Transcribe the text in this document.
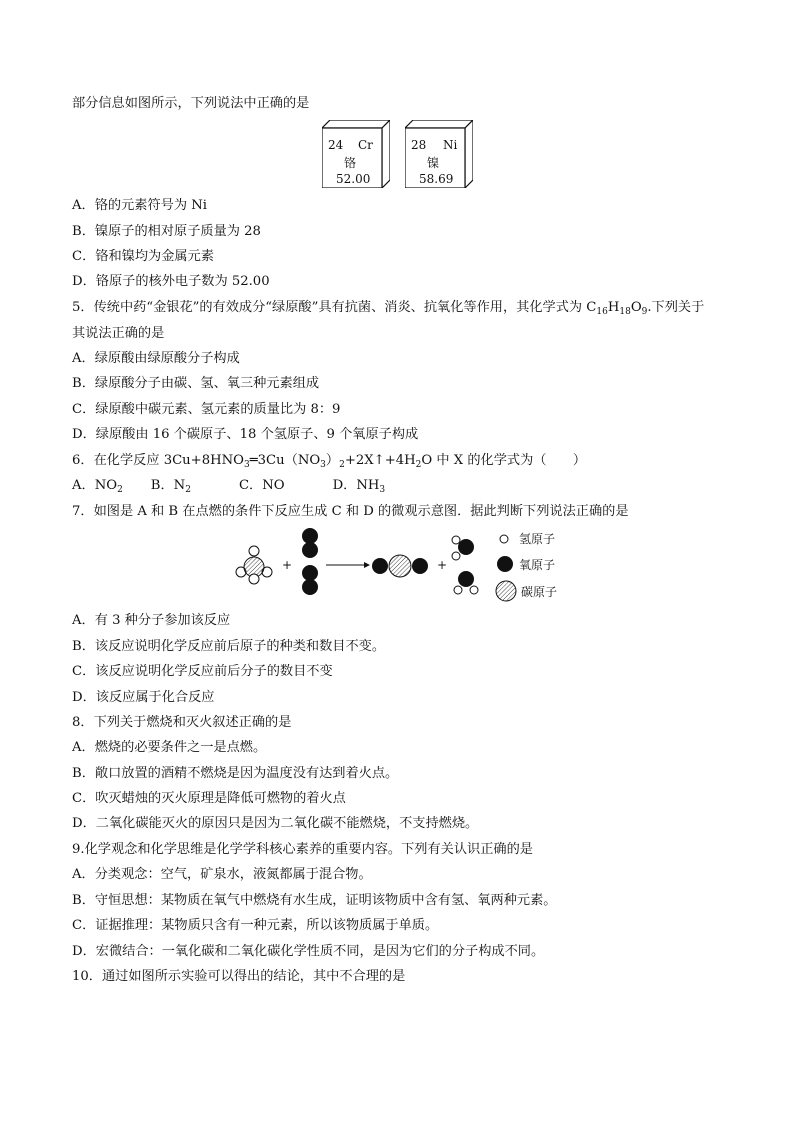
部分信息如图所示，下列说法中正确的是
24 Cr
铬
52.00
28 Ni
镍
58.69
A．铬的元素符号为 Ni
B．镍原子的相对原子质量为 28
C．铬和镍均为金属元素
D．铬原子的核外电子数为 52.00
5．传统中药“金银花”的有效成分“绿原酸”具有抗菌、消炎、抗氧化等作用，其化学式为 $C_{16}H_{18}O_9$.下列关于
其说法正确的是
A．绿原酸由绿原酸分子构成
B．绿原酸分子由碳、氢、氧三种元素组成
C．绿原酸中碳元素、氢元素的质量比为 8：9
D．绿原酸由 16 个碳原子、18 个氢原子、9 个氧原子构成
6．在化学反应 $3Cu+8HNO_3═3Cu(NO_3)_2+2X↑+4H_2O$ 中 X 的化学式为（　　）
A．$NO_2$ B．$N_2$	C．NO	D．$NH_3$
7．如图是 A 和 B 在点燃的条件下反应生成 C 和 D 的微观示意图．据此判断下列说法正确的是
+	+
氢原子
氧原子
碳原子
A．有 3 种分子参加该反应
B．该反应说明化学反应前后原子的种类和数目不变。
C．该反应说明化学反应前后分子的数目不变
D．该反应属于化合反应
8．下列关于燃烧和灭火叙述正确的是
A．燃烧的必要条件之一是点燃。
B．敞口放置的酒精不燃烧是因为温度没有达到着火点。
C．吹灭蜡烛的灭火原理是降低可燃物的着火点
D．二氧化碳能灭火的原因只是因为二氧化碳不能燃烧，不支持燃烧。
9.化学观念和化学思维是化学学科核心素养的重要内容。下列有关认识正确的是
A．分类观念：空气，矿泉水，液氮都属于混合物。
B．守恒思想：某物质在氧气中燃烧有水生成，证明该物质中含有氢、氧两种元素。
C．证据推理：某物质只含有一种元素，所以该物质属于单质。
D．宏微结合：一氧化碳和二氧化碳化学性质不同，是因为它们的分子构成不同。
10．通过如图所示实验可以得出的结论，其中不合理的是
